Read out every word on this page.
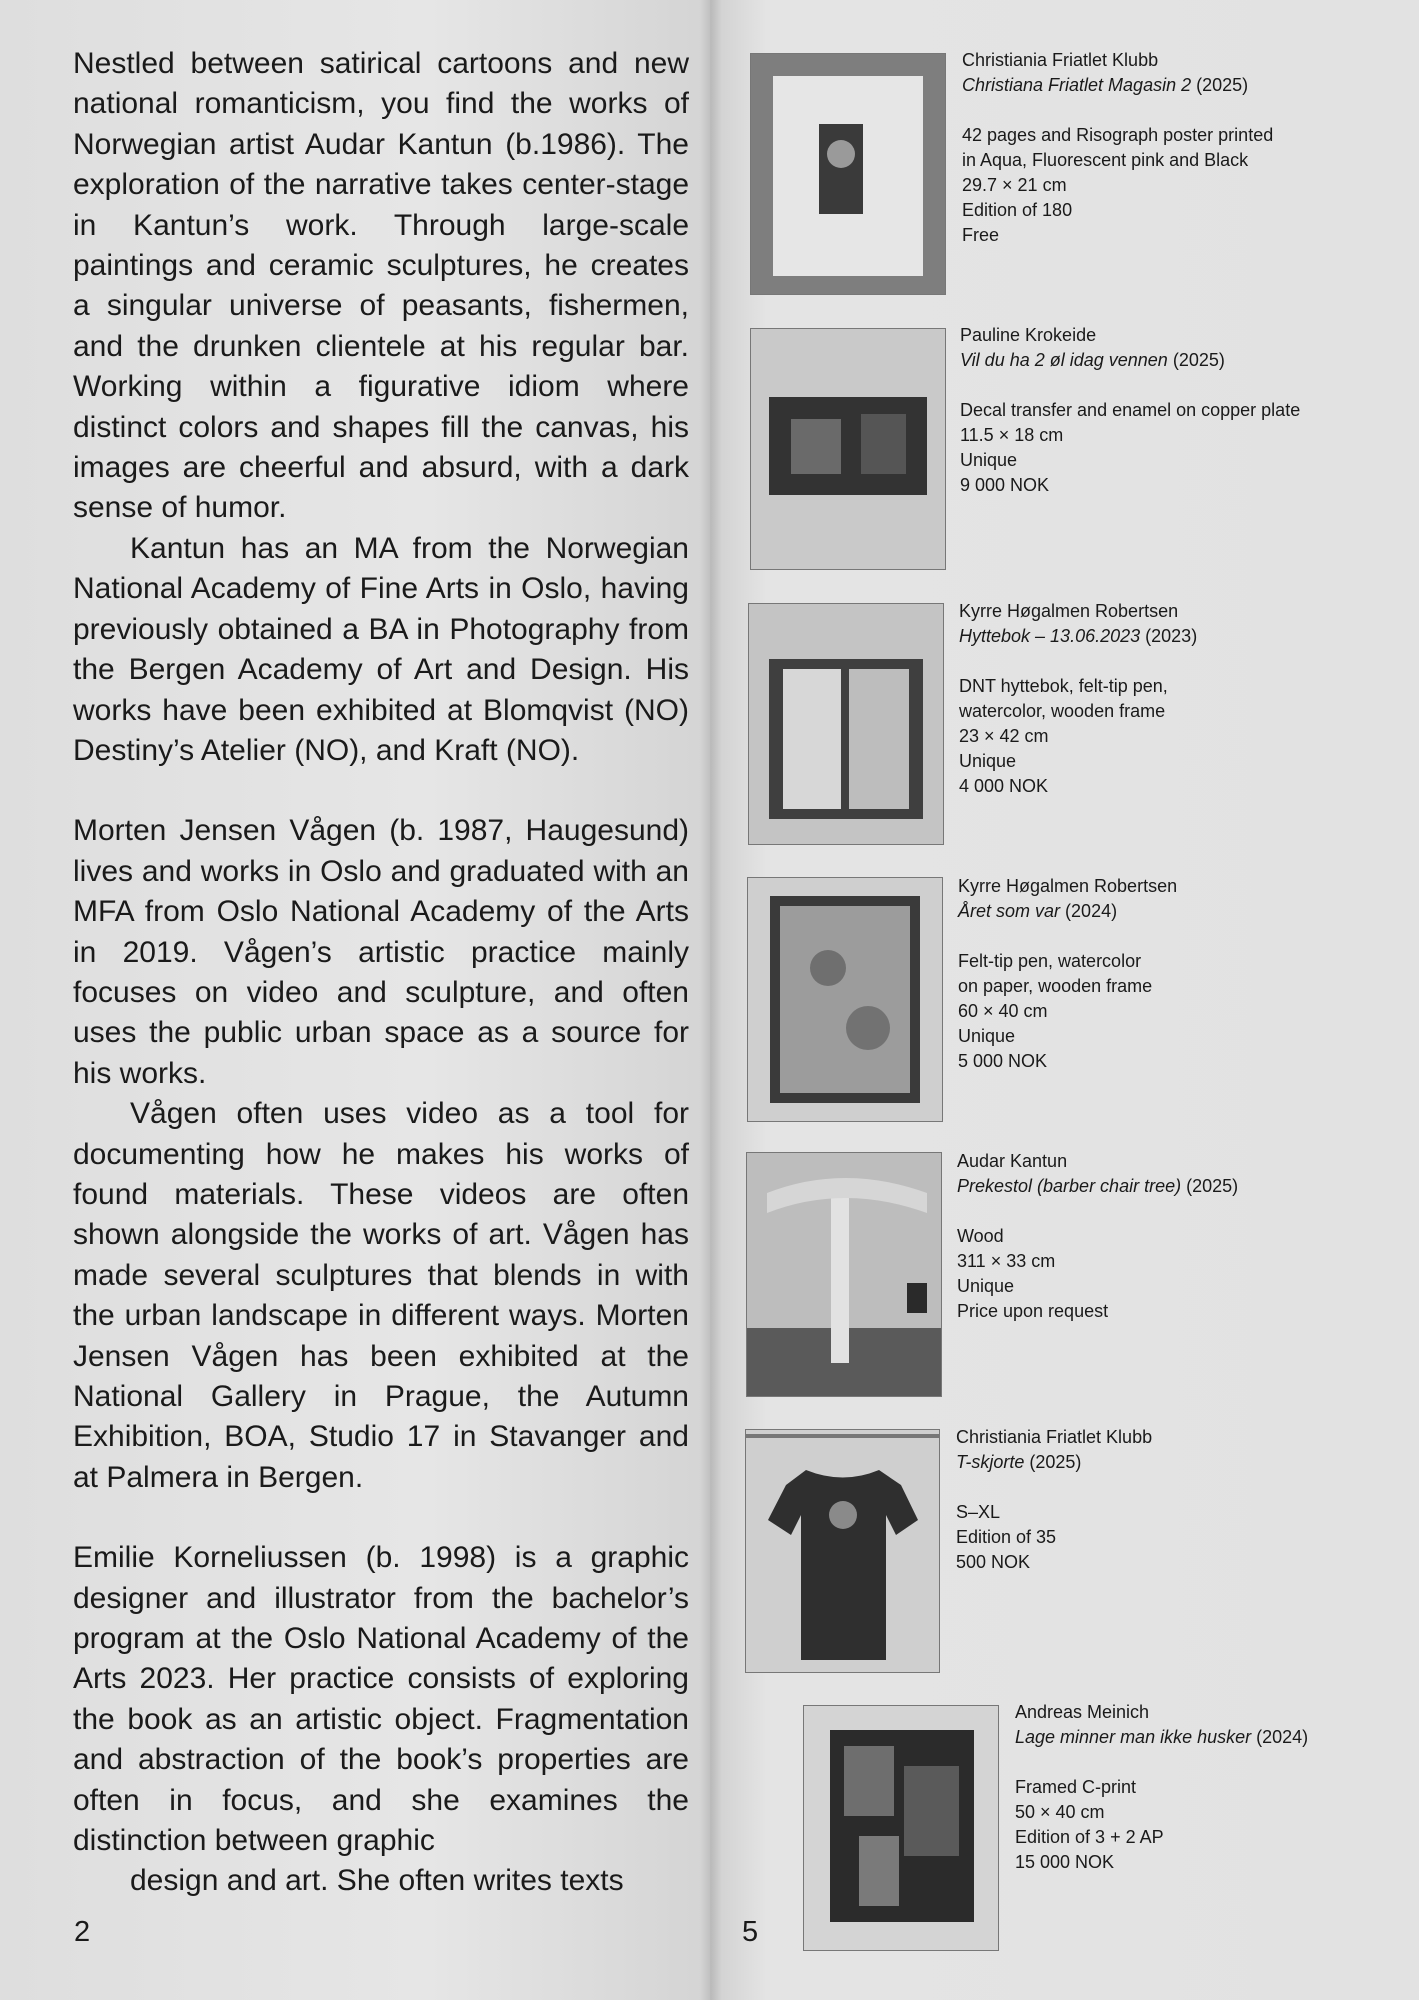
Nestled between satirical cartoons and new national romanticism, you find the works of Norwegian artist Audar Kantun (b.1986). The exploration of the narrative takes center-stage in Kantun’s work. Through large-scale paintings and ceramic sculptures, he creates a singular universe of peasants, fishermen, and the drunken clientele at his regular bar. Working within a figurative idiom where distinct colors and shapes fill the canvas, his images are cheerful and absurd, with a dark sense of humor.

Kantun has an MA from the Norwegian National Academy of Fine Arts in Oslo, having previously obtained a BA in Photography from the Bergen Academy of Art and Design. His works have been exhibited at Blomqvist (NO) Destiny’s Atelier (NO), and Kraft (NO).

Morten Jensen Vågen (b. 1987, Haugesund) lives and works in Oslo and graduated with an MFA from Oslo National Academy of the Arts in 2019. Vågen’s artistic practice mainly focuses on video and sculpture, and often uses the public urban space as a source for his works.

Vågen often uses video as a tool for documenting how he makes his works of found materials. These videos are often shown alongside the works of art. Vågen has made several sculptures that blends in with the urban landscape in different ways. Morten Jensen Vågen has been exhibited at the National Gallery in Prague, the Autumn Exhibition, BOA, Studio 17 in Stavanger and at Palmera in Bergen.

Emilie Korneliussen (b. 1998) is a graphic designer and illustrator from the bachelor’s program at the Oslo National Academy of the Arts 2023. Her practice consists of exploring the book as an artistic object. Fragmentation and abstraction of the book’s properties are often in focus, and she examines the distinction between graphic

design and art. She often writes texts

2	5
Christiania Friatlet Klubb
Christiana Friatlet Magasin 2 (2025)
42 pages and Risograph poster printed
in Aqua, Fluorescent pink and Black
29.7 × 21 cm
Edition of 180
Free
Pauline Krokeide
Vil du ha 2 øl idag vennen (2025)
Decal transfer and enamel on copper plate
11.5 × 18 cm
Unique
9 000 NOK
Kyrre Høgalmen Robertsen
Hyttebok – 13.06.2023 (2023)
DNT hyttebok, felt-tip pen,
watercolor, wooden frame
23 × 42 cm
Unique
4 000 NOK
Kyrre Høgalmen Robertsen
Året som var (2024)
Felt-tip pen, watercolor
on paper, wooden frame
60 × 40 cm
Unique
5 000 NOK
Audar Kantun
Prekestol (barber chair tree) (2025)
Wood
311 × 33 cm
Unique
Price upon request
Christiania Friatlet Klubb
T-skjorte (2025)
S–XL
Edition of 35
500 NOK
Andreas Meinich
Lage minner man ikke husker (2024)
Framed C-print
50 × 40 cm
Edition of 3 + 2 AP
15 000 NOK
